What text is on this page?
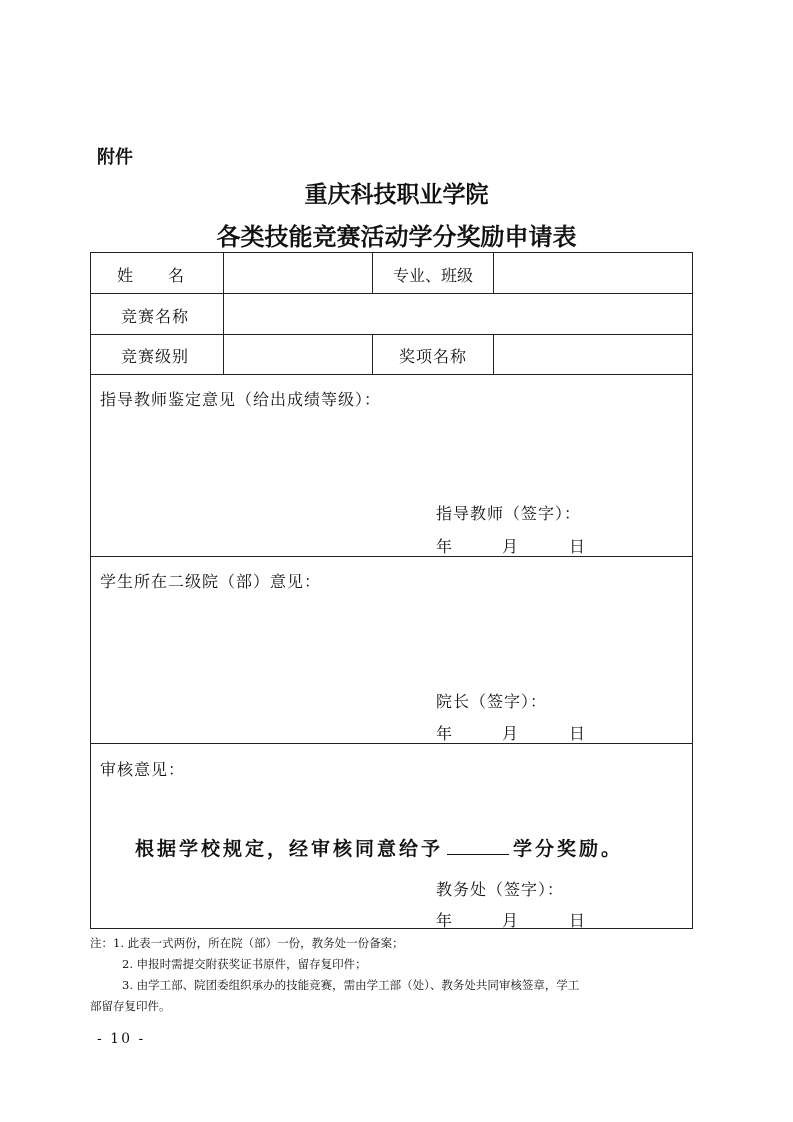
附件
重庆科技职业学院
各类技能竞赛活动学分奖励申请表
姓　　名	专业、班级
竞赛名称
竞赛级别	奖项名称
指导教师鉴定意见（给出成绩等级）：
指导教师（签字）：
年	月	日
学生所在二级院（部）意见：
院长（签字）：
年	月	日
审核意见：
根据学校规定，经审核同意给予	学分奖励。
教务处（签字）：
年	月	日
注：1. 此表一式两份，所在院（部）一份，教务处一份备案；
2. 申报时需提交附获奖证书原件，留存复印件；
3. 由学工部、院团委组织承办的技能竞赛，需由学工部（处）、教务处共同审核签章，学工
部留存复印件。
- 10 -
